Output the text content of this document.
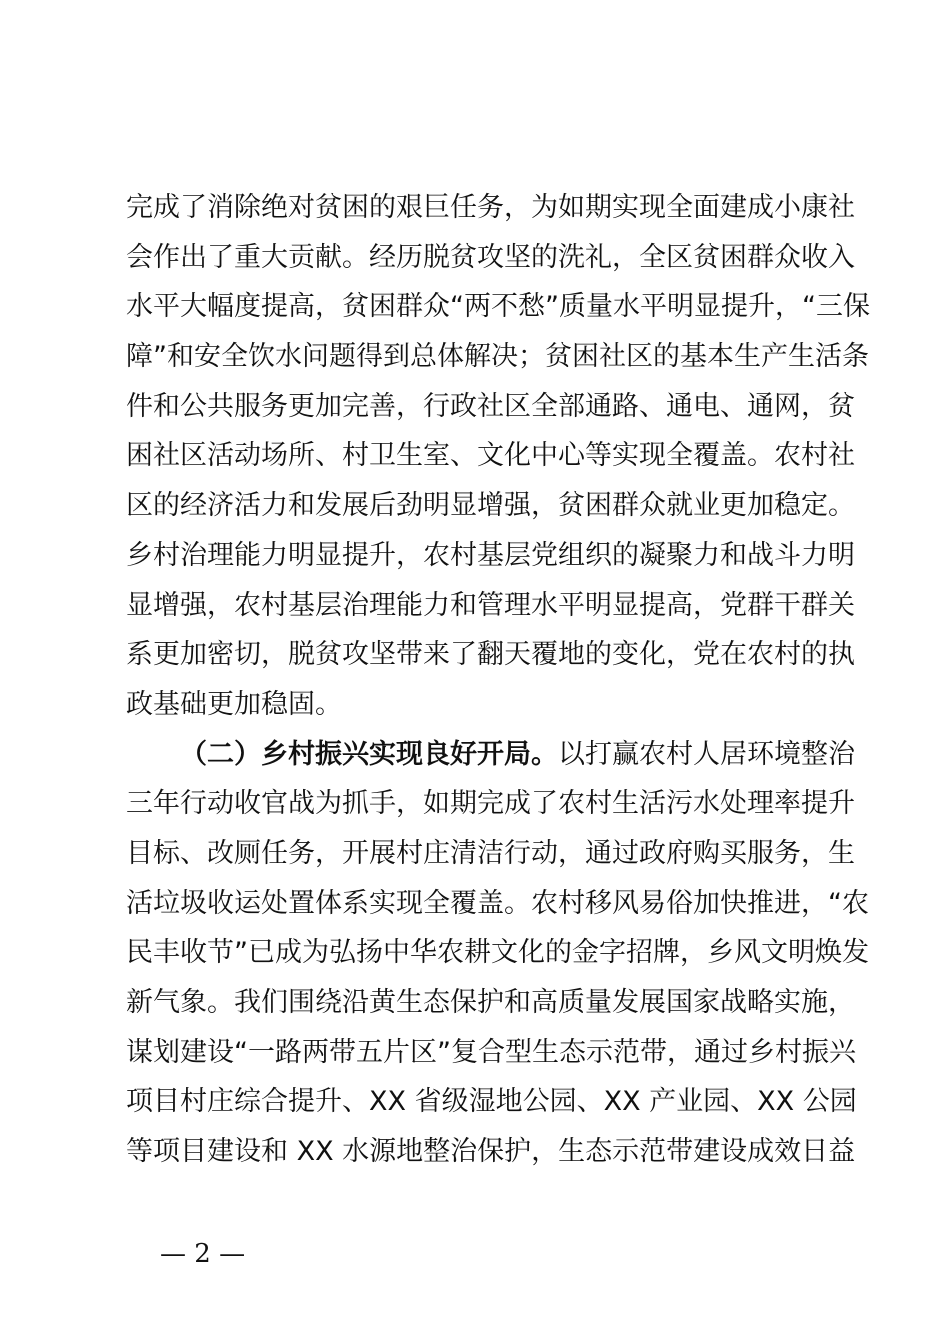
完成了消除绝对贫困的艰巨任务，为如期实现全面建成小康社
会作出了重大贡献。经历脱贫攻坚的洗礼，全区贫困群众收入
水平大幅度提高，贫困群众“两不愁”质量水平明显提升，“三保
障”和安全饮水问题得到总体解决；贫困社区的基本生产生活条
件和公共服务更加完善，行政社区全部通路、通电、通网，贫
困社区活动场所、村卫生室、文化中心等实现全覆盖。农村社
区的经济活力和发展后劲明显增强，贫困群众就业更加稳定。
乡村治理能力明显提升，农村基层党组织的凝聚力和战斗力明
显增强，农村基层治理能力和管理水平明显提高，党群干群关
系更加密切，脱贫攻坚带来了翻天覆地的变化，党在农村的执
政基础更加稳固。
（二）乡村振兴实现良好开局。以打赢农村人居环境整治
三年行动收官战为抓手，如期完成了农村生活污水处理率提升
目标、改厕任务，开展村庄清洁行动，通过政府购买服务，生
活垃圾收运处置体系实现全覆盖。农村移风易俗加快推进，“农
民丰收节”已成为弘扬中华农耕文化的金字招牌，乡风文明焕发
新气象。我们围绕沿黄生态保护和高质量发展国家战略实施，
谋划建设“一路两带五片区”复合型生态示范带，通过乡村振兴
项目村庄综合提升、XX 省级湿地公园、XX 产业园、XX 公园
等项目建设和 XX 水源地整治保护，生态示范带建设成效日益
— 2 —
